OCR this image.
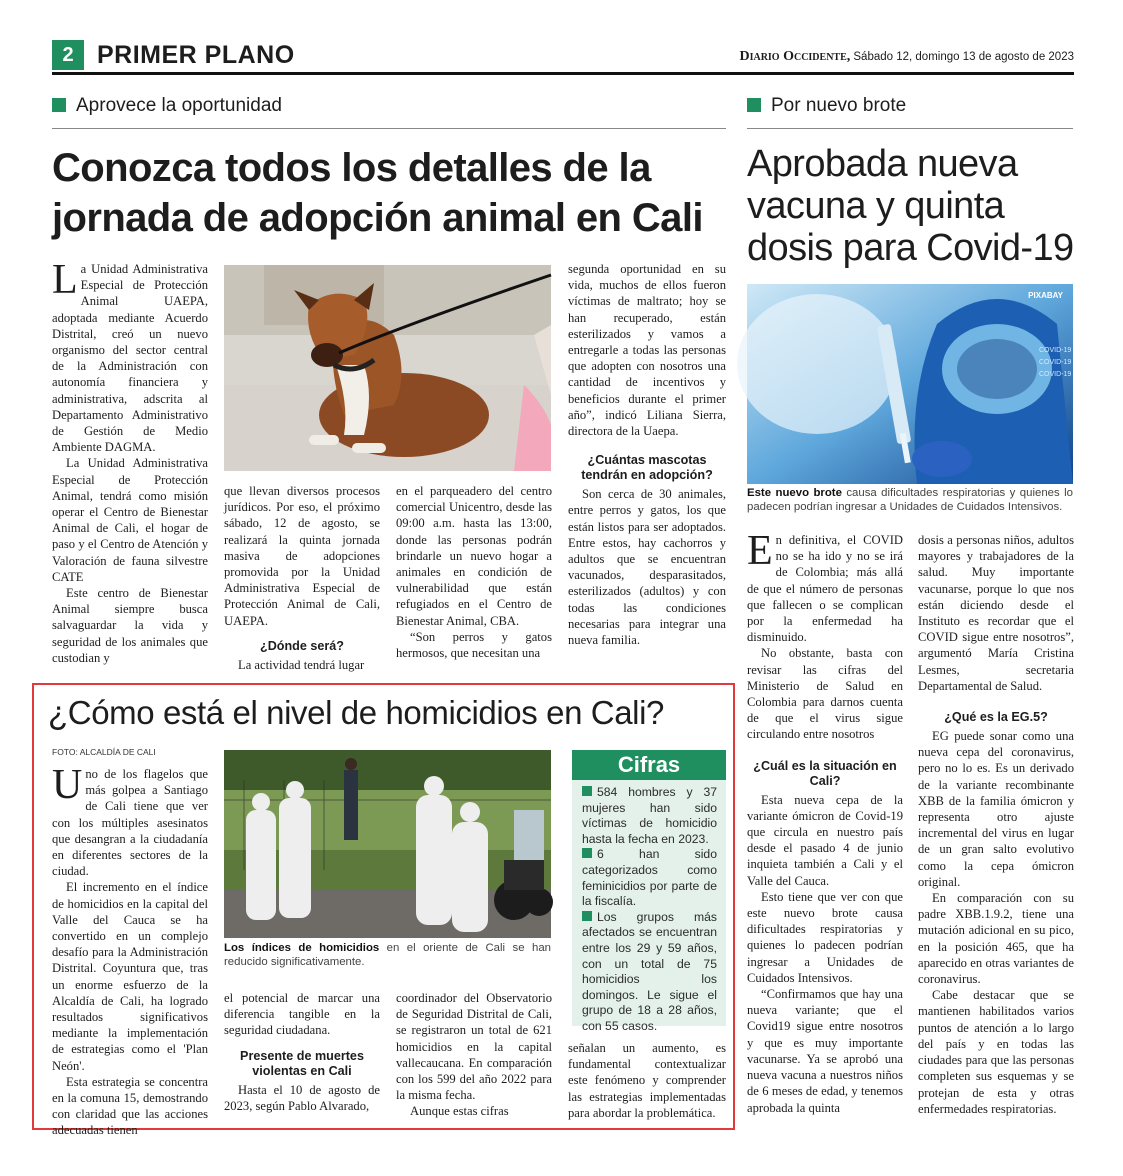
2 PRIMER PLANO	Diario Occidente, Sábado 12, domingo 13 de agosto de 2023
Aprovece la oportunidad
Conozca todos los detalles de la jornada de adopción animal en Cali

La Unidad Administrativa Especial de Protección Animal UAEPA, adoptada mediante Acuerdo Distrital, creó un nuevo organismo del sector central de la Administración con autonomía financiera y administrativa, adscrita al Departamento Administrativo de Gestión de Medio Ambiente DAGMA.

La Unidad Administrativa Especial de Protección Animal, tendrá como misión operar el Centro de Bienestar Animal de Cali, el hogar de paso y el Centro de Atención y Valoración de fauna silvestre CATE

Este centro de Bienestar Animal siempre busca salvaguardar la vida y seguridad de los animales que custodian y

que llevan diversos procesos jurídicos. Por eso, el próximo sábado, 12 de agosto, se realizará la quinta jornada masiva de adopciones promovida por la Unidad Administrativa Especial de Protección Animal de Cali, UAEPA.

¿Dónde será?

La actividad tendrá lugar

en el parqueadero del centro comercial Unicentro, desde las 09:00 a.m. hasta las 13:00, donde las personas podrán brindarle un nuevo hogar a animales en condición de vulnerabilidad que están refugiados en el Centro de Bienestar Animal, CBA.

“Son perros y gatos hermosos, que necesitan una

segunda oportunidad en su vida, muchos de ellos fueron víctimas de maltrato; hoy se han recuperado, están esterilizados y vamos a entregarle a todas las personas que adopten con nosotros una cantidad de incentivos y beneficios durante el primer año”, indicó Liliana Sierra, directora de la Uaepa.

¿Cuántas mascotas tendrán en adopción?

Son cerca de 30 animales, entre perros y gatos, los que están listos para ser adoptados. Entre estos, hay cachorros y adultos que se encuentran vacunados, desparasitados, esterilizados (adultos) y con todas las condiciones necesarias para integrar una nueva familia.

Por nuevo brote
Aprobada nueva vacuna y quinta dosis para Covid-19
PIXABAY
COVID-19
COVID-19
COVID-19
Este nuevo brote causa dificultades respiratorias y quienes lo padecen podrían ingresar a Unidades de Cuidados Intensivos.

En definitiva, el COVID no se ha ido y no se irá de Colombia; más allá de que el número de personas que fallecen o se complican por la enfermedad ha disminuido.

No obstante, basta con revisar las cifras del Ministerio de Salud en Colombia para darnos cuenta de que el virus sigue circulando entre nosotros

¿Cuál es la situación en Cali?

Esta nueva cepa de la variante ómicron de Covid-19 que circula en nuestro país desde el pasado 4 de junio inquieta también a Cali y el Valle del Cauca.

Esto tiene que ver con que este nuevo brote causa dificultades respiratorias y quienes lo padecen podrían ingresar a Unidades de Cuidados Intensivos.

“Confirmamos que hay una nueva variante; que el Covid19 sigue entre nosotros y que es muy importante vacunarse. Ya se aprobó una nueva vacuna a nuestros niños de 6 meses de edad, y tenemos aprobada la quinta

dosis a personas niños, adultos mayores y trabajadores de la salud. Muy importante vacunarse, porque lo que nos están diciendo desde el Instituto es recordar que el COVID sigue entre nosotros”, argumentó María Cristina Lesmes, secretaria Departamental de Salud.

¿Qué es la EG.5?

EG puede sonar como una nueva cepa del coronavirus, pero no lo es. Es un derivado de la variante recombinante XBB de la familia ómicron y representa otro ajuste incremental del virus en lugar de un gran salto evolutivo como la cepa ómicron original.

En comparación con su padre XBB.1.9.2, tiene una mutación adicional en su pico, en la posición 465, que ha aparecido en otras variantes de coronavirus.

Cabe destacar que se mantienen habilitados varios puntos de atención a lo largo del país y en todas las ciudades para que las personas completen sus esquemas y se protejan de esta y otras enfermedades respiratorias.

¿Cómo está el nivel de homicidios en Cali?
FOTO: ALCALDÍA DE CALI

Uno de los flagelos que más golpea a Santiago de Cali tiene que ver con los múltiples asesinatos que desangran a la ciudadanía en diferentes sectores de la ciudad.

El incremento en el índice de homicidios en la capital del Valle del Cauca se ha convertido en un complejo desafío para la Administración Distrital. Coyuntura que, tras un enorme esfuerzo de la Alcaldía de Cali, ha logrado resultados significativos mediante la implementación de estrategias como el 'Plan Neón'.

Esta estrategia se concentra en la comuna 15, demostrando con claridad que las acciones adecuadas tienen

Los índices de homicidios en el oriente de Cali se han reducido significativamente.

el potencial de marcar una diferencia tangible en la seguridad ciudadana.

Presente de muertes violentas en Cali

Hasta el 10 de agosto de 2023, según Pablo Alvarado,

coordinador del Observatorio de Seguridad Distrital de Cali, se registraron un total de 621 homicidios en la capital vallecaucana. En comparación con los 599 del año 2022 para la misma fecha.

Aunque estas cifras

Cifras
584 hombres y 37 mujeres han sido víctimas de homicidio hasta la fecha en 2023.
6 han sido categorizados como feminicidios por parte de la fiscalía.
Los grupos más afectados se encuentran entre los 29 y 59 años, con un total de 75 homicidios los domingos. Le sigue el grupo de 18 a 28 años, con 55 casos.

señalan un aumento, es fundamental contextualizar este fenómeno y comprender las estrategias implementadas para abordar la problemática.
